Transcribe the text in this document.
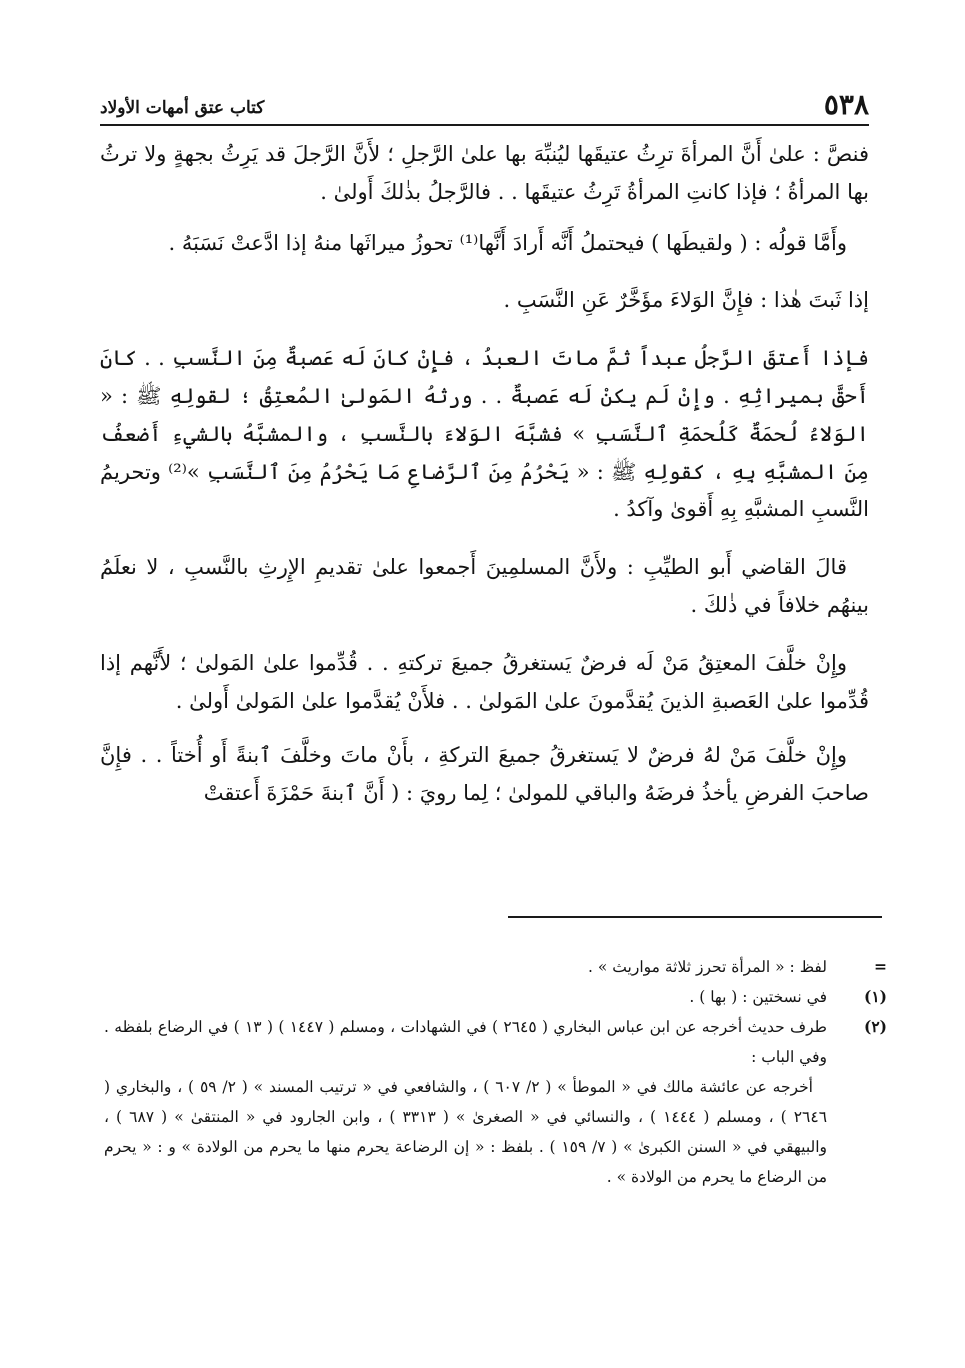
٥٣٨
كتاب عتق أمهات الأولاد

فنصَّ : علىٰ أَنَّ المرأةَ ترِثُ عتيقَها ليُنبِّهَ بها علىٰ الرَّجلِ ؛ لأَنَّ الرَّجلَ قد يَرِثُ بجهةٍ ولا ترثُ بها المرأةُ ؛ فإذا كانتِ المرأةُ تَرِثُ عتيقَها . . فالرَّجلُ بذٰلكَ أَولىٰ .

وأَمَّا قولُه : ( ولقيطَها ) فيحتملُ أَنَّه أَرادَ أَنَّها⁽¹⁾ تحوزُ ميراثَها منهُ إذا ادَّعتْ نَسَبَهُ .

إذا ثَبتَ هٰذا : فإِنَّ الوَلاءَ مؤَخَّرٌ عَنِ النَّسَبِ .

فإذا أَعتقَ الرَّجلُ عبداً ثمَّ ماتَ العبدُ ، فإِنْ كانَ لَه عَصبةٌ مِنَ النَّسبِ . . كانَ أَحقَّ بميراثِهِ . وإِنْ لَم يكنْ لَه عَصبةٌ . . ورثهُ المَولىٰ المُعتِقُ ؛ لقولِهِ ﷺ : « الوَلاءُ لُحمَةٌ كَلُحمَةِ ٱلنَّسَبِ » فشبَّهَ الوَلاءَ بالنَّسبِ ، والمشبَّهُ بالشيءِ أَضعفُ مِنَ المشبَّهِ بِهِ ، كقولِهِ ﷺ : « يَحْرُمُ مِنَ ٱلرَّضاعِ مَا يَحْرُمُ مِنَ ٱلنَّسَبِ »⁽²⁾ وتحريمُ النَّسبِ المشبَّهِ بِهِ أَقوىٰ وآكدُ .

قالَ القاضي أَبو الطيِّبِ : ولأَنَّ المسلمِينَ أَجمعوا علىٰ تقديمِ الإِرثِ بالنَّسبِ ، لا نعلَمُ بينهُم خلافاً في ذٰلكَ .

وإِنْ خلَّفَ المعتِقُ مَنْ لَه فرضٌ يَستغرقُ جميعَ تركتهِ . . قُدِّموا علىٰ المَولىٰ ؛ لأَنَّهم إذا قُدِّموا علىٰ العَصبةِ الذينَ يُقدَّمونَ علىٰ المَولىٰ . . فلأَنْ يُقدَّموا علىٰ المَولىٰ أَولىٰ .

وإِنْ خلَّفَ مَنْ لهُ فرضٌ لا يَستغرقُ جميعَ التركةِ ، بأَنْ ماتَ وخلَّفَ ٱبنةً أَو أُختاً . . فإِنَّ صاحبَ الفرضِ يأخذُ فرضَهُ والباقي للمولىٰ ؛ لِما رويَ : ( أَنَّ ٱبنةَ حَمْزَةَ أَعتقتْ

=
لفظ : « المرأة تحرز ثلاثة مواريث » .
(١)
في نسختين : ( بها ) .
(٢)
طرف حديث أخرجه عن ابن عباس البخاري ( ٢٦٤٥ ) في الشهادات ، ومسلم ( ١٤٤٧ ) ( ١٣ ) في الرضاع بلفظه . وفي الباب :
أخرجه عن عائشة مالك في « الموطأ » ( ٢/ ٦٠٧ ) ، والشافعي في « ترتيب المسند » ( ٢/ ٥٩ ) ، والبخاري ( ٢٦٤٦ ) ، ومسلم ( ١٤٤٤ ) ، والنسائي في « الصغرىٰ » ( ٣٣١٣ ) ، وابن الجارود في « المنتقىٰ » ( ٦٨٧ ) ، والبيهقي في « السنن الكبرىٰ » ( ٧/ ١٥٩ ) . بلفظ : « إن الرضاعة يحرم منها ما يحرم من الولادة » و : « يحرم من الرضاع ما يحرم من الولادة » .
